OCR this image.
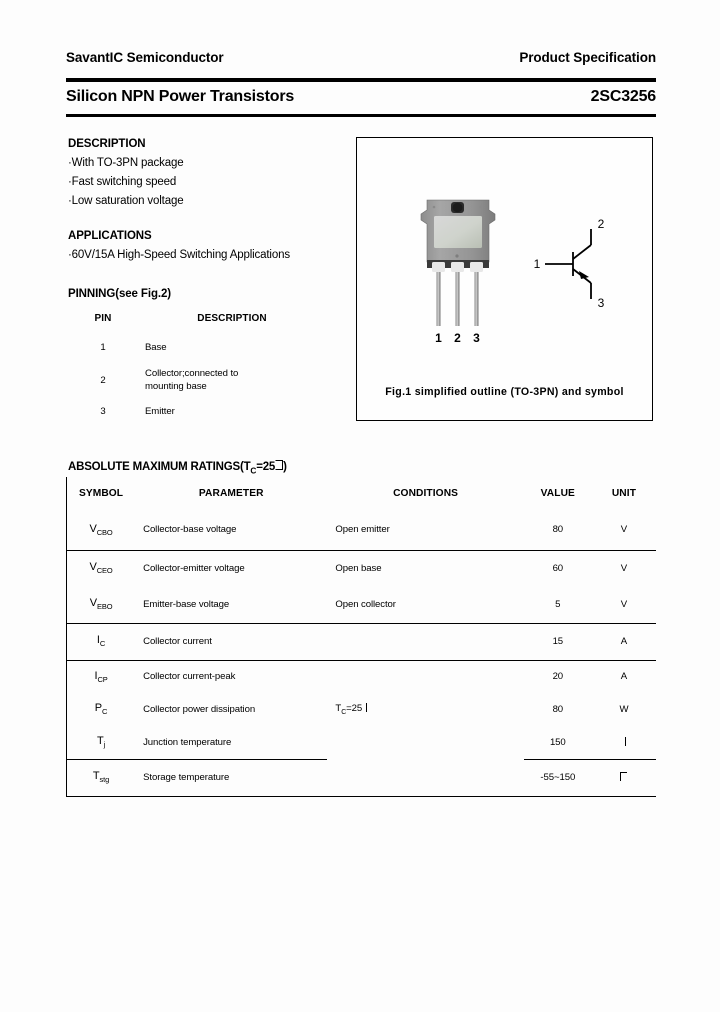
SavantIC Semiconductor	Product Specification
Silicon NPN Power Transistors	2SC3256
DESCRIPTION
·With TO-3PN package
·Fast switching speed
·Low saturation voltage
APPLICATIONS
·60V/15A High-Speed Switching Applications
PINNING(see Fig.2)
PIN	DESCRIPTION
1	Base

2	Collector;connected to
mounting base

3	Emitter
1 2 3
1
2
3
Fig.1 simplified outline (TO-3PN) and symbol
ABSOLUTE MAXIMUM $RATINGS(T_C=25$ )
SYMBOL	PARAMETER	CONDITIONS	VALUE	UNIT
$V_{CBO}$	Collector-base voltage	Open emitter	80	V
$V_{CEO}$	Collector-emitter voltage	Open base	60	V
$V_{EBO}$	Emitter-base voltage	Open collector	5	V
$I_C$	Collector current		15	A
$I_{CP}$	Collector current-peak	$T_C=25$	20	A
$P_C$	Collector power dissipation		80	W
$T_j$	Junction temperature		150	
$T_{stg}$	Storage temperature		-55~150	
